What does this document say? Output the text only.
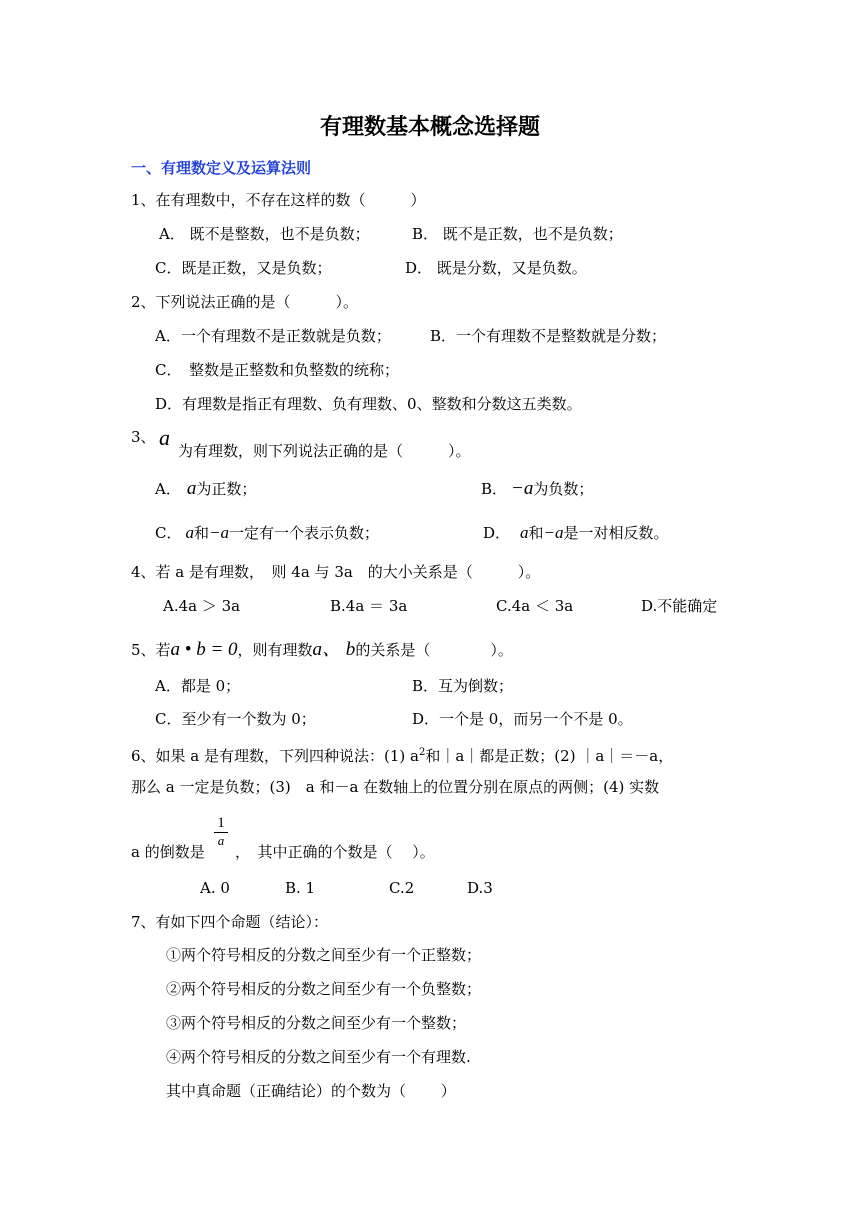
有理数基本概念选择题
一、有理数定义及运算法则
1、在有理数中，不存在这样的数（　　　）
A． 既不是整数，也不是负数；	B． 既不是正数，也不是负数；
C．既是正数，又是负数；	D． 既是分数，又是负数。
2、下列说法正确的是（　　　）。
A．一个有理数不是正数就是负数；	B．一个有理数不是整数就是分数；
C．　整数是正整数和负整数的统称；
D．有理数是指正有理数、负有理数、0、整数和分数这五类数。
3、 a
为有理数，则下列说法正确的是（　　　）。
A． a为正数；	B． −a为负数；
C． a和−a一定有一个表示负数；	D． a和−a是一对相反数。
4、若 a 是有理数，　则 4a 与 3a　的大小关系是（　　　）。
A.4a ＞ 3a	B.4a ＝ 3a	C.4a ＜ 3a	D.不能确定
5、若a • b = 0，则有理数a、 b的关系是（　　　　）。
A．都是 0；	B．互为倒数；
C．至少有一个数为 0；	D．一个是 0，而另一个不是 0。
6、如果 a 是有理数，下列四种说法：(1) $a^2$和｜a｜都是正数；(2) ｜a｜＝－a，
那么 a 一定是负数；(3)　a 和－a 在数轴上的位置分别在原点的两侧；(4) 实数
1
a
a 的倒数是 ，　其中正确的个数是（　 ）。
A. 0	B. 1	C.2	D.3
7、有如下四个命题（结论）：
①两个符号相反的分数之间至少有一个正整数；
②两个符号相反的分数之间至少有一个负整数；
③两个符号相反的分数之间至少有一个整数；
④两个符号相反的分数之间至少有一个有理数.
其中真命题（正确结论）的个数为（　　 ）
